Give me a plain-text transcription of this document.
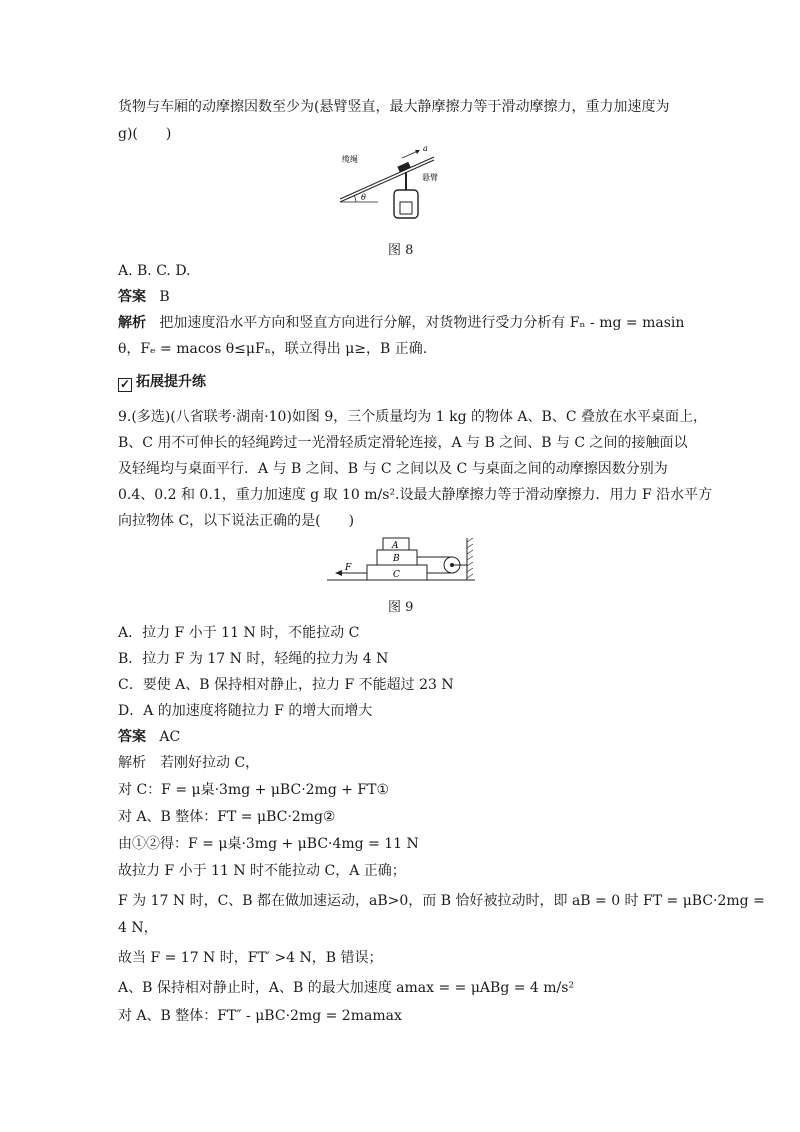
货物与车厢的动摩擦因数至少为(悬臂竖直，最大静摩擦力等于滑动摩擦力，重力加速度为
g)(　　)
缆绳
a
悬臂
θ
图 8
A. B. C. D.
答案 B
解析 把加速度沿水平方向和竖直方向进行分解，对货物进行受力分析有 Fₙ - mg = masin
θ，Fₑ = macos θ≤μFₙ，联立得出 μ≥，B 正确.
✓ 拓展提升练
9.(多选)(八省联考·湖南·10)如图 9，三个质量均为 1 kg 的物体 A、B、C 叠放在水平桌面上，
B、C 用不可伸长的轻绳跨过一光滑轻质定滑轮连接，A 与 B 之间、B 与 C 之间的接触面以
及轻绳均与桌面平行．A 与 B 之间、B 与 C 之间以及 C 与桌面之间的动摩擦因数分别为
0.4、0.2 和 0.1，重力加速度 g 取 10 m/s².设最大静摩擦力等于滑动摩擦力．用力 F 沿水平方
向拉物体 C，以下说法正确的是(　　)
A
B
C
F
图 9
A．拉力 F 小于 11 N 时，不能拉动 C
B．拉力 F 为 17 N 时，轻绳的拉力为 4 N
C．要使 A、B 保持相对静止，拉力 F 不能超过 23 N
D．A 的加速度将随拉力 F 的增大而增大
答案 AC
解析　若刚好拉动 C，
对 C：F = μ桌·3mg + μBC·2mg + FT①
对 A、B 整体：FT = μBC·2mg②
由①②得：F = μ桌·3mg + μBC·4mg = 11 N
故拉力 F 小于 11 N 时不能拉动 C，A 正确；
F 为 17 N 时，C、B 都在做加速运动，aB>0，而 B 恰好被拉动时，即 aB = 0 时 FT = μBC·2mg =
4 N，
故当 F = 17 N 时，FT′ >4 N，B 错误；
A、B 保持相对静止时，A、B 的最大加速度 amax = = μABg = 4 m/s²
对 A、B 整体：FT″ - μBC·2mg = 2mamax
